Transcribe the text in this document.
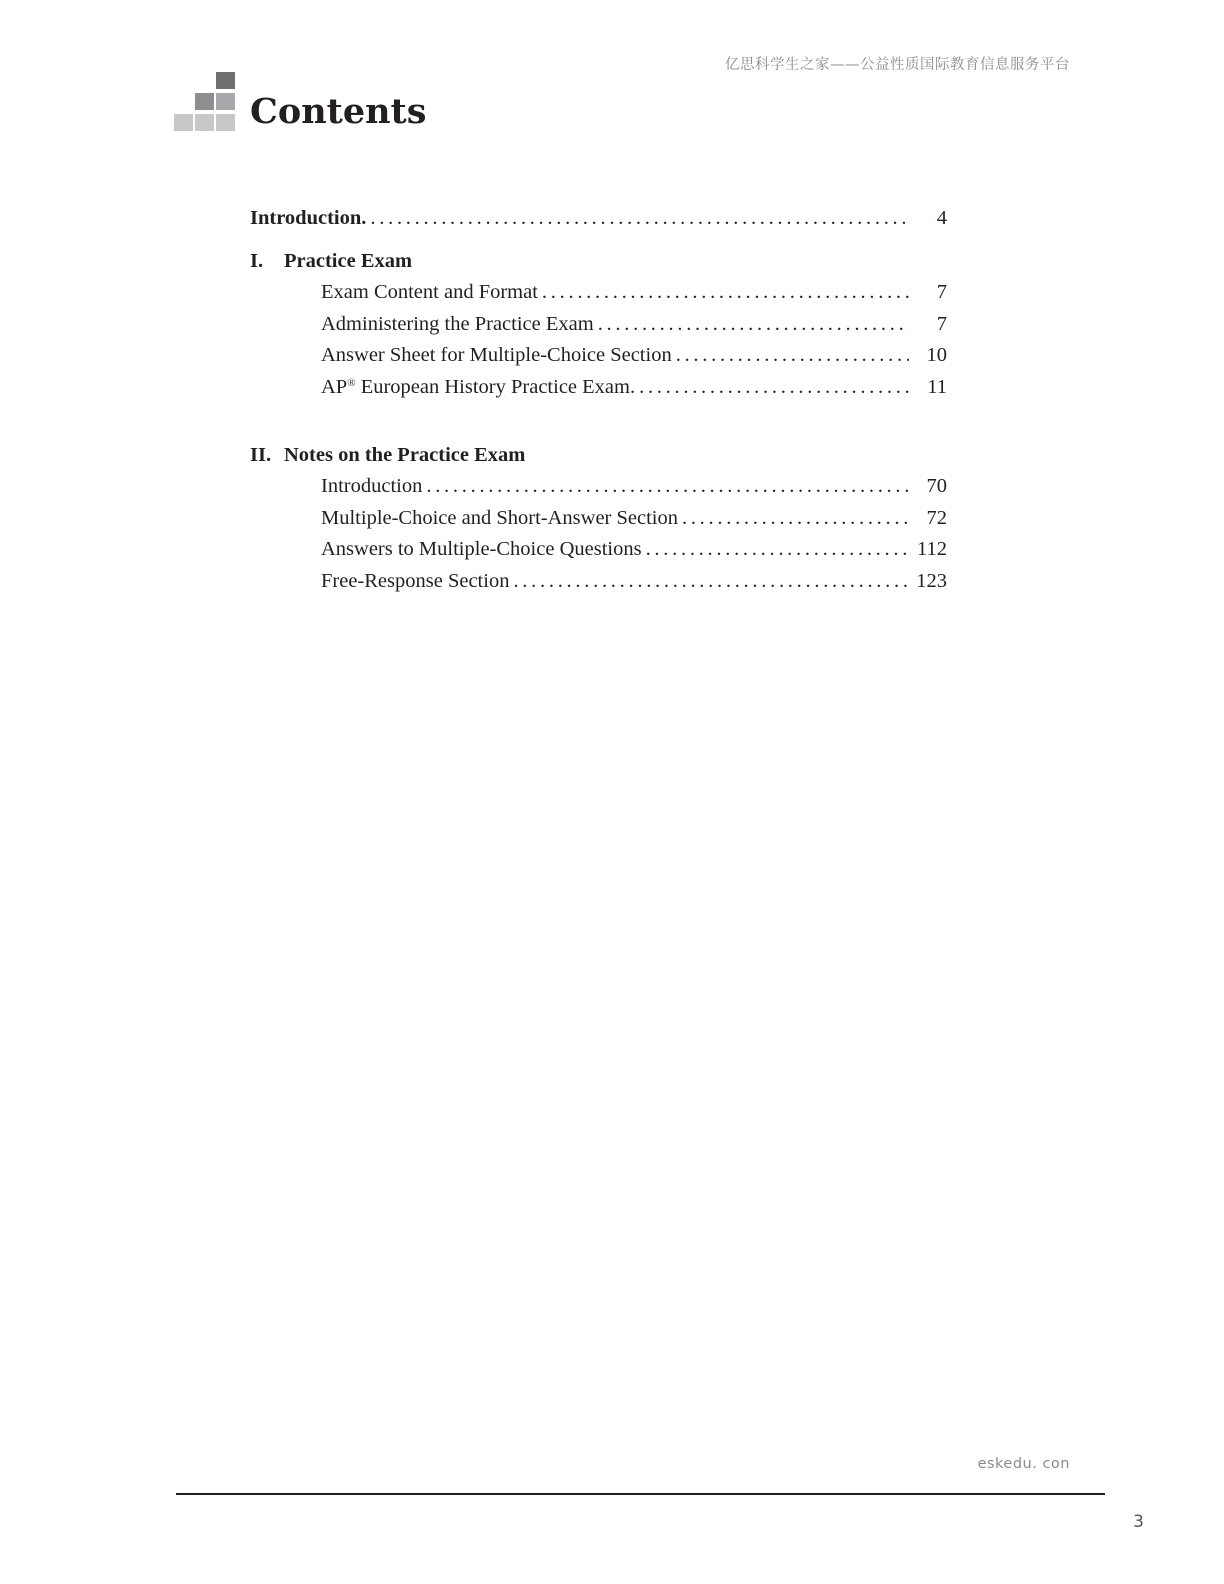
亿思科学生之家——公益性质国际教育信息服务平台
Contents
Introduction. . . .	4
I.	Practice Exam
Exam Content and Format . . .	7
Administering the Practice Exam . . .	7
Answer Sheet for Multiple-Choice Section . . .	10
AP® European History Practice Exam. . . .	11
II. Notes on the Practice Exam
Introduction . . .	70
Multiple-Choice and Short-Answer Section . . .	72
Answers to Multiple-Choice Questions . . .	112
Free-Response Section . . .	123
eskedu. con
3
